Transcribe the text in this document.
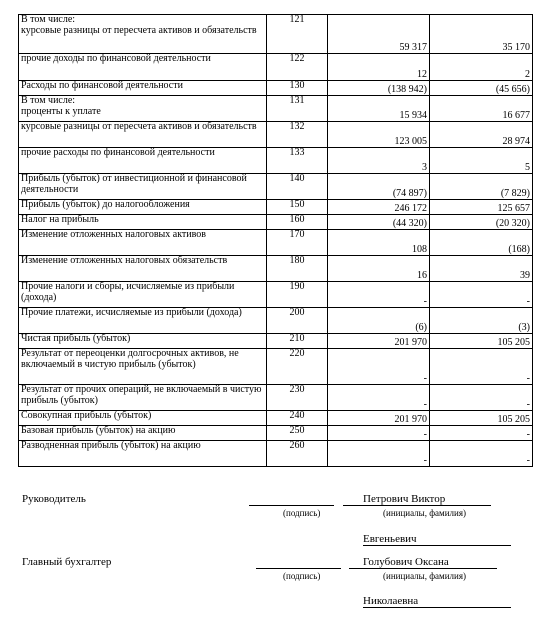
В том числе:
курсовые разницы от пересчета активов и обязательств	121	59 317	35 170
прочие доходы по финансовой деятельности	122	12	2
Расходы по финансовой деятельности	130	(138 942)	(45 656)
В том числе:
проценты к уплате	131	15 934	16 677
курсовые разницы от пересчета активов и обязательств	132	123 005	28 974
прочие расходы по финансовой деятельности	133	3	5
Прибыль (убыток) от инвестиционной и финансовой деятельности	140	(74 897)	(7 829)
Прибыль (убыток) до налогообложения	150	246 172	125 657
Налог на прибыль	160	(44 320)	(20 320)
Изменение отложенных налоговых активов	170	108	(168)
Изменение отложенных налоговых обязательств	180	16	39
Прочие налоги и сборы, исчисляемые из прибыли (дохода)	190	-	-
Прочие платежи, исчисляемые из прибыли (дохода)	200	(6)	(3)
Чистая прибыль (убыток)	210	201 970	105 205
Результат от переоценки долгосрочных активов, не включаемый в чистую прибыль (убыток)	220	-	-
Результат от прочих операций, не включаемый в чистую прибыль (убыток)	230	-	-
Совокупная прибыль (убыток)	240	201 970	105 205
Базовая прибыль (убыток) на акцию	250	-	-
Разводненная прибыль (убыток) на акцию	260	-	-
Руководитель
(подпись)
Петрович Виктор
(инициалы, фамилия)
Евгеньевич
Главный бухгалтер
(подпись)
Голубович Оксана
(инициалы, фамилия)
Николаевна
